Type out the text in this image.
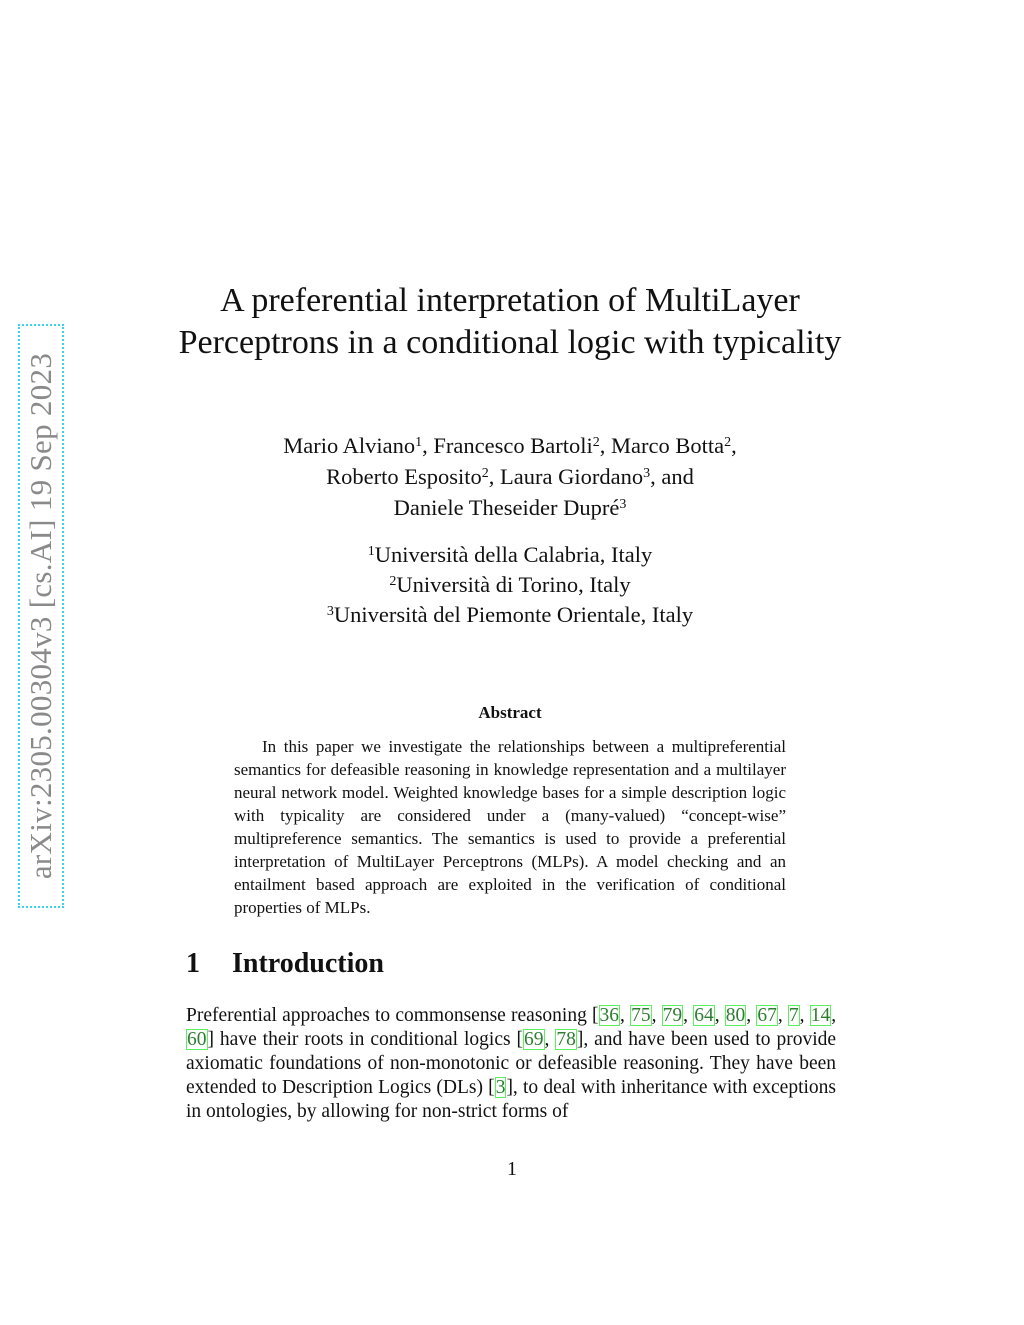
arXiv:2305.00304v3 [cs.AI] 19 Sep 2023
A preferential interpretation of MultiLayer Perceptrons in a conditional logic with typicality
Mario Alviano$^1$, Francesco Bartoli$^2$, Marco Botta$^2$,
Roberto Esposito$^2$, Laura Giordano$^3$, and
Daniele Theseider Dupré$^3$
$^1$Università della Calabria, Italy
$^2$Università di Torino, Italy
$^3$Università del Piemonte Orientale, Italy
Abstract

In this paper we investigate the relationships between a multipreferential semantics for defeasible reasoning in knowledge representation and a multilayer neural network model. Weighted knowledge bases for a simple description logic with typicality are considered under a (many-valued) “concept-wise” multipreference semantics. The semantics is used to provide a preferential interpretation of MultiLayer Perceptrons (MLPs). A model checking and an entailment based approach are exploited in the verification of conditional properties of MLPs.

1 Introduction

Preferential approaches to commonsense reasoning [36, 75, 79, 64, 80, 67, 7, 14, 60] have their roots in conditional logics [69, 78], and have been used to provide axiomatic foundations of non-monotonic or defeasible reasoning. They have been extended to Description Logics (DLs) [3], to deal with inheritance with exceptions in ontologies, by allowing for non-strict forms of

1
